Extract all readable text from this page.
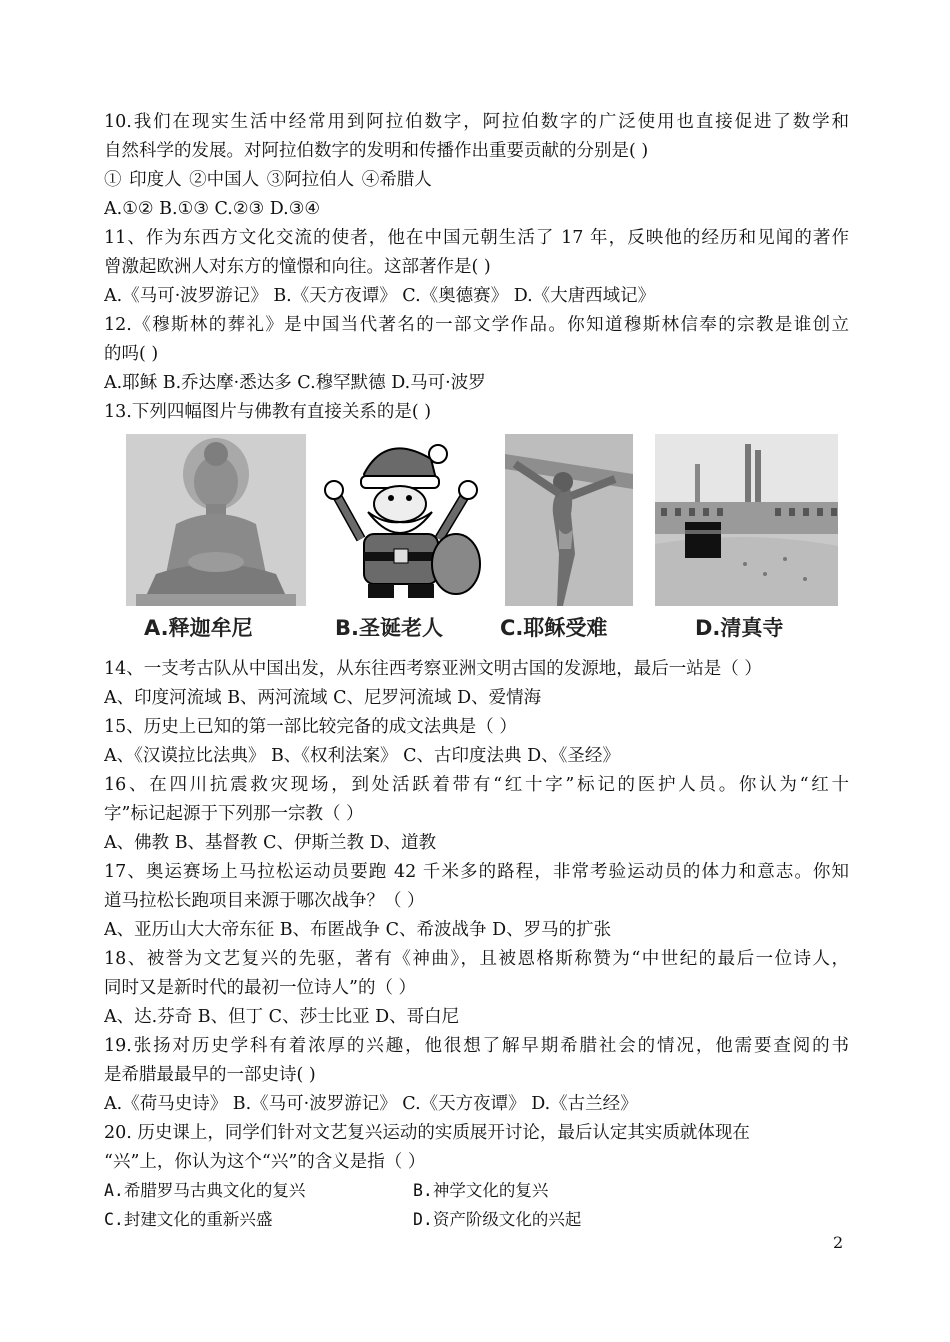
10.我们在现实生活中经常用到阿拉伯数字，阿拉伯数字的广泛使用也直接促进了数学和
自然科学的发展。对阿拉伯数字的发明和传播作出重要贡献的分别是( )
① 印度人 ②中国人 ③阿拉伯人 ④希腊人
A.①② B.①③ C.②③ D.③④
11、作为东西方文化交流的使者，他在中国元朝生活了 17 年，反映他的经历和见闻的著作
曾激起欧洲人对东方的憧憬和向往。这部著作是( )
A.《马可·波罗游记》 B.《天方夜谭》 C.《奥德赛》 D.《大唐西域记》
12.《穆斯林的葬礼》是中国当代著名的一部文学作品。你知道穆斯林信奉的宗教是谁创立
的吗( )
A.耶稣 B.乔达摩·悉达多 C.穆罕默德 D.马可·波罗
13.下列四幅图片与佛教有直接关系的是( )
A.释迦牟尼	B.圣诞老人	C.耶稣受难	D.清真寺
14、一支考古队从中国出发，从东往西考察亚洲文明古国的发源地，最后一站是（ ）
A、印度河流域 B、两河流域 C、尼罗河流域 D、爱情海
15、历史上已知的第一部比较完备的成文法典是（ ）
A、《汉谟拉比法典》 B、《权利法案》 C、古印度法典 D、《圣经》
16、在四川抗震救灾现场，到处活跃着带有“红十字”标记的医护人员。你认为“红十
字”标记起源于下列那一宗教（ ）
A、佛教 B、基督教 C、伊斯兰教 D、道教
17、奥运赛场上马拉松运动员要跑 42 千米多的路程，非常考验运动员的体力和意志。你知
道马拉松长跑项目来源于哪次战争？（ ）
A、亚历山大大帝东征 B、布匿战争 C、希波战争 D、罗马的扩张
18、被誉为文艺复兴的先驱，著有《神曲》，且被恩格斯称赞为“中世纪的最后一位诗人，
同时又是新时代的最初一位诗人”的（ ）
A、达.芬奇 B、但丁 C、莎士比亚 D、哥白尼
19.张扬对历史学科有着浓厚的兴趣，他很想了解早期希腊社会的情况，他需要查阅的书
是希腊最最早的一部史诗( )
A.《荷马史诗》 B.《马可·波罗游记》 C.《天方夜谭》 D.《古兰经》
20. 历史课上，同学们针对文艺复兴运动的实质展开讨论，最后认定其实质就体现在
“兴”上，你认为这个“兴”的含义是指（ ）
A.希腊罗马古典文化的复兴	B.神学文化的复兴
C.封建文化的重新兴盛	D.资产阶级文化的兴起
2
